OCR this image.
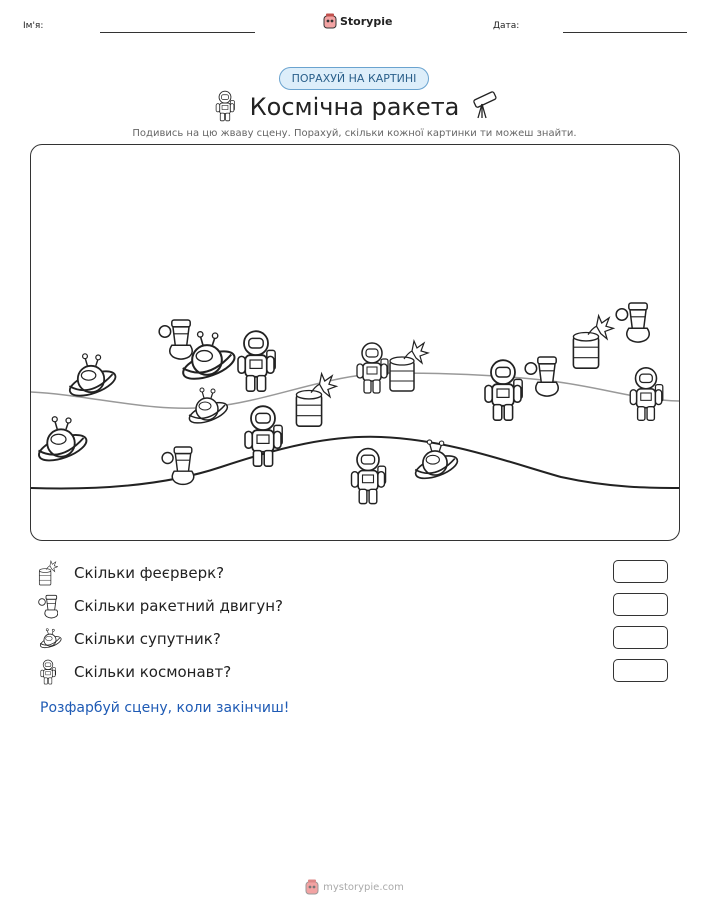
Ім'я:	Storypie	Дата:
ПОРАХУЙ НА КАРТИНІ
Космічна ракета
Подивись на цю жваву сцену. Порахуй, скільки кожної картинки ти можеш знайти.
Скільки феєрверк?
Скільки ракетний двигун?
Скільки супутник?
Скільки космонавт?
Розфарбуй сцену, коли закінчиш!
mystorypie.com
